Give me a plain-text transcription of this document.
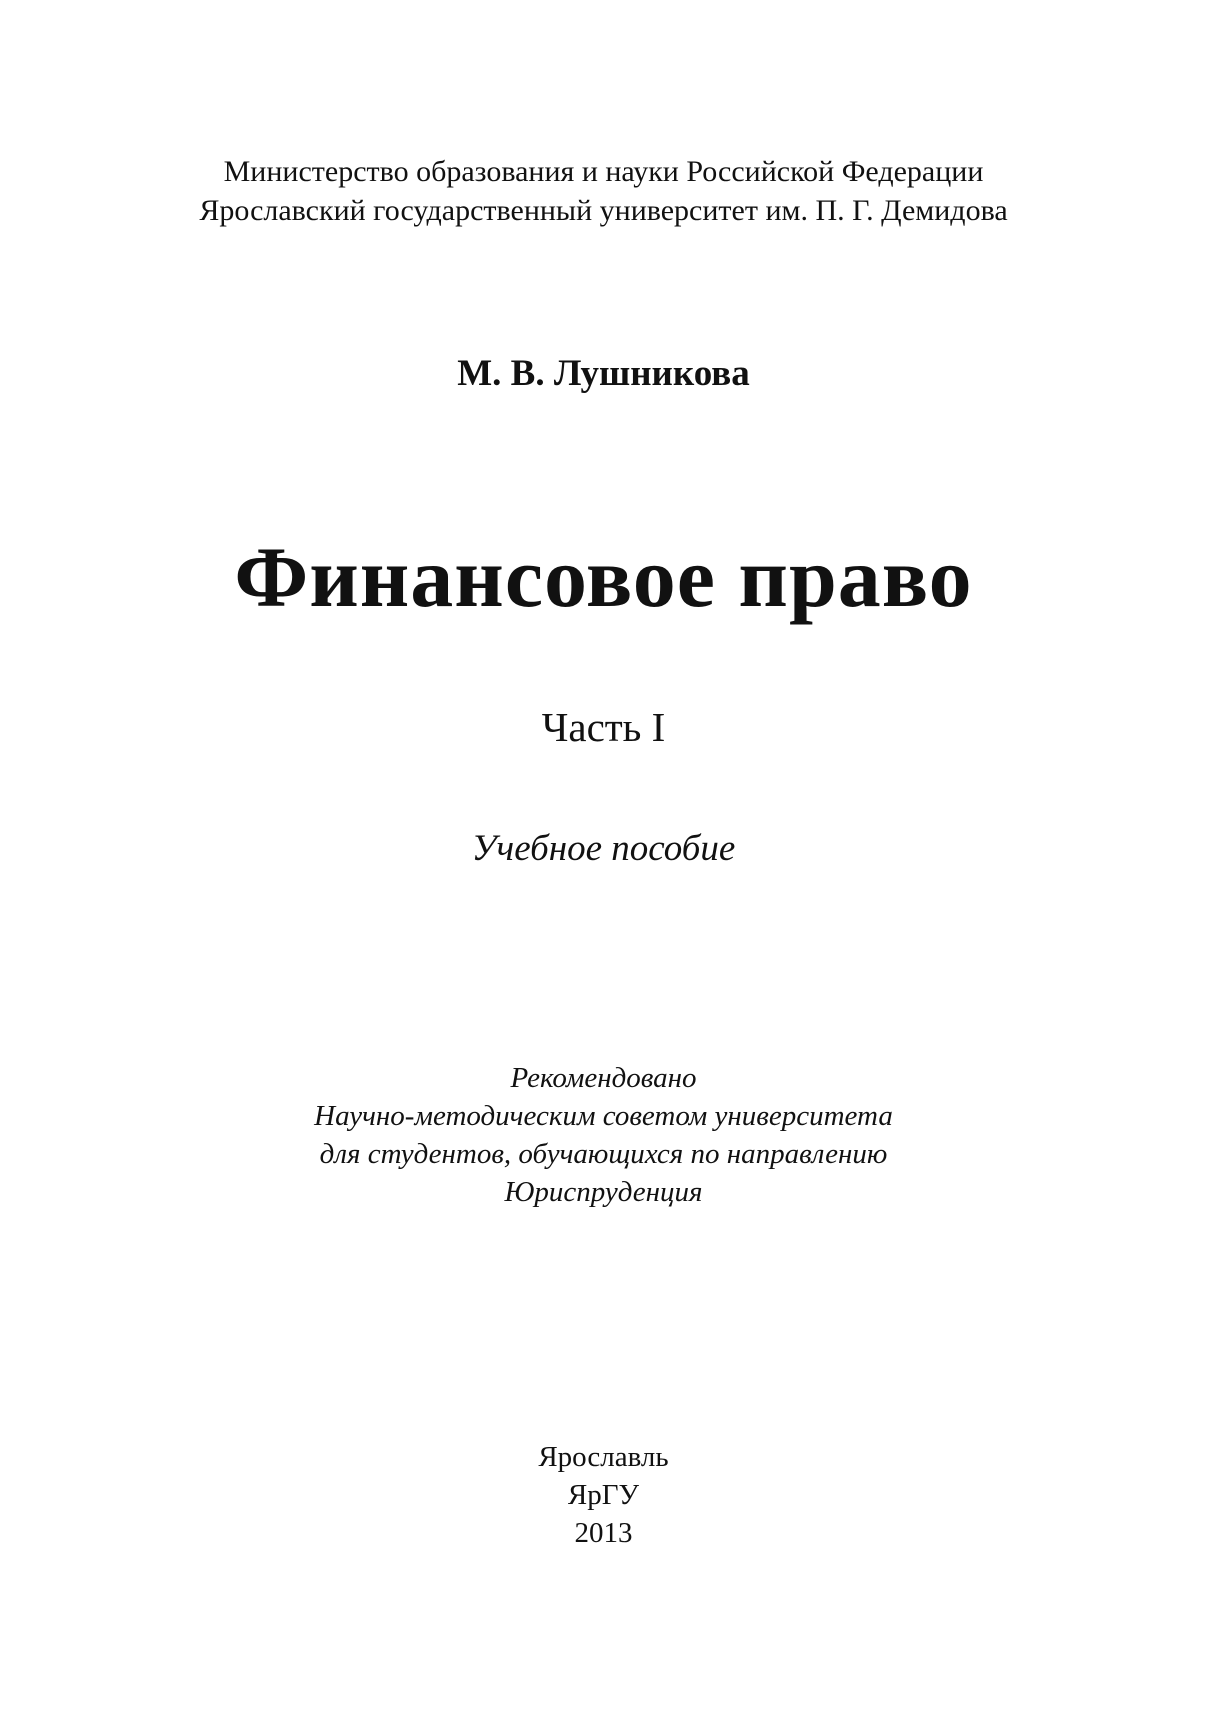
Министерство образования и науки Российской Федерации
Ярославский государственный университет им. П. Г. Демидова
М. В. Лушникова
Финансовое право
Часть I
Учебное пособие
Рекомендовано
Научно-методическим советом университета
для студентов, обучающихся по направлению
Юриспруденция
Ярославль
ЯрГУ
2013
